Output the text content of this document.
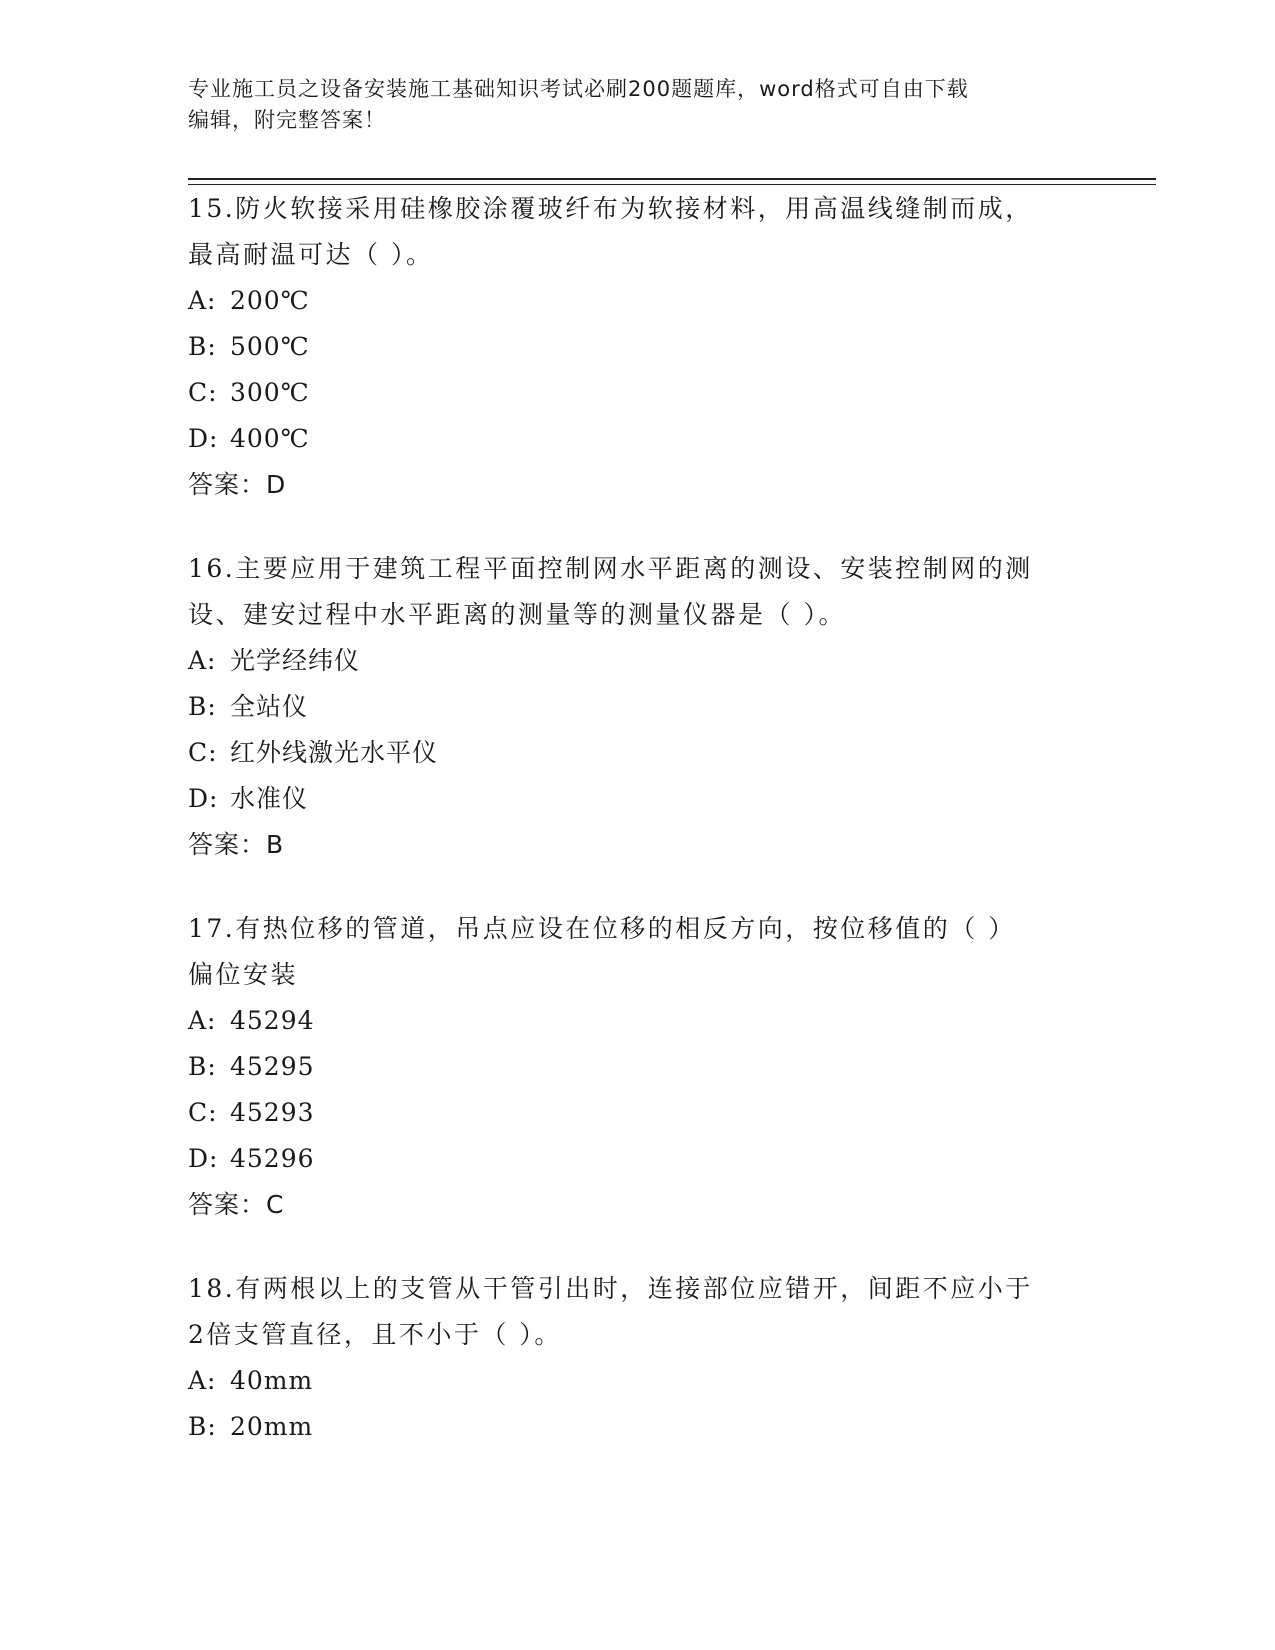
专业施工员之设备安装施工基础知识考试必刷200题题库，word格式可自由下载
编辑，附完整答案！

15.防火软接采用硅橡胶涂覆玻纤布为软接材料，用高温线缝制而成，

最高耐温可达（ ）。

A: 200℃

B: 500℃

C: 300℃

D: 400℃

答案：D

16.主要应用于建筑工程平面控制网水平距离的测设、安装控制网的测

设、建安过程中水平距离的测量等的测量仪器是（ ）。

A: 光学经纬仪

B: 全站仪

C: 红外线激光水平仪

D: 水准仪

答案：B

17.有热位移的管道，吊点应设在位移的相反方向，按位移值的（ ）

偏位安装

A: 45294

B: 45295

C: 45293

D: 45296

答案：C

18.有两根以上的支管从干管引出时，连接部位应错开，间距不应小于

2倍支管直径，且不小于（ ）。

A: 40mm

B: 20mm
